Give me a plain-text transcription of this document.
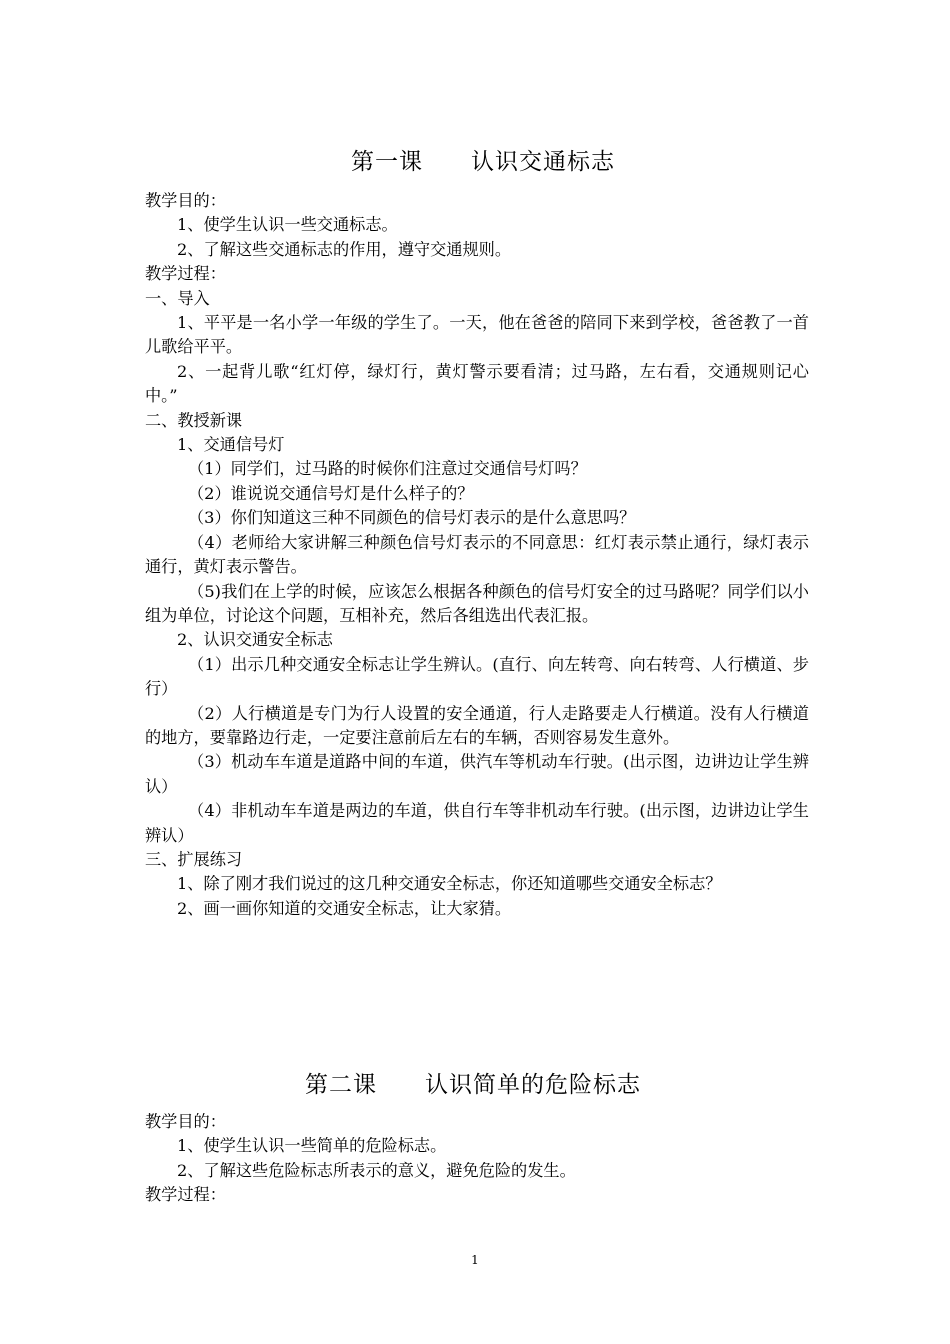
第一课　　认识交通标志

教学目的：

1、使学生认识一些交通标志。

2、了解这些交通标志的作用，遵守交通规则。

教学过程：

一、导入

1、平平是一名小学一年级的学生了。一天，他在爸爸的陪同下来到学校，爸爸教了一首儿歌给平平。

2、一起背儿歌“红灯停，绿灯行，黄灯警示要看清；过马路，左右看，交通规则记心中。”

二、教授新课

1、交通信号灯

（1）同学们，过马路的时候你们注意过交通信号灯吗？

（2）谁说说交通信号灯是什么样子的？

（3）你们知道这三种不同颜色的信号灯表示的是什么意思吗？

（4）老师给大家讲解三种颜色信号灯表示的不同意思：红灯表示禁止通行，绿灯表示通行，黄灯表示警告。

（5)我们在上学的时候，应该怎么根据各种颜色的信号灯安全的过马路呢？同学们以小组为单位，讨论这个问题，互相补充，然后各组选出代表汇报。

2、认识交通安全标志

（1）出示几种交通安全标志让学生辨认。(直行、向左转弯、向右转弯、人行横道、步行）

（2）人行横道是专门为行人设置的安全通道，行人走路要走人行横道。没有人行横道的地方，要靠路边行走，一定要注意前后左右的车辆，否则容易发生意外。

（3）机动车车道是道路中间的车道，供汽车等机动车行驶。(出示图，边讲边让学生辨认）

（4）非机动车车道是两边的车道，供自行车等非机动车行驶。(出示图，边讲边让学生辨认）

三、扩展练习

1、除了刚才我们说过的这几种交通安全标志，你还知道哪些交通安全标志？

2、画一画你知道的交通安全标志，让大家猜。

第二课　　认识简单的危险标志

教学目的：

1、使学生认识一些简单的危险标志。

2、了解这些危险标志所表示的意义，避免危险的发生。

教学过程：

1
